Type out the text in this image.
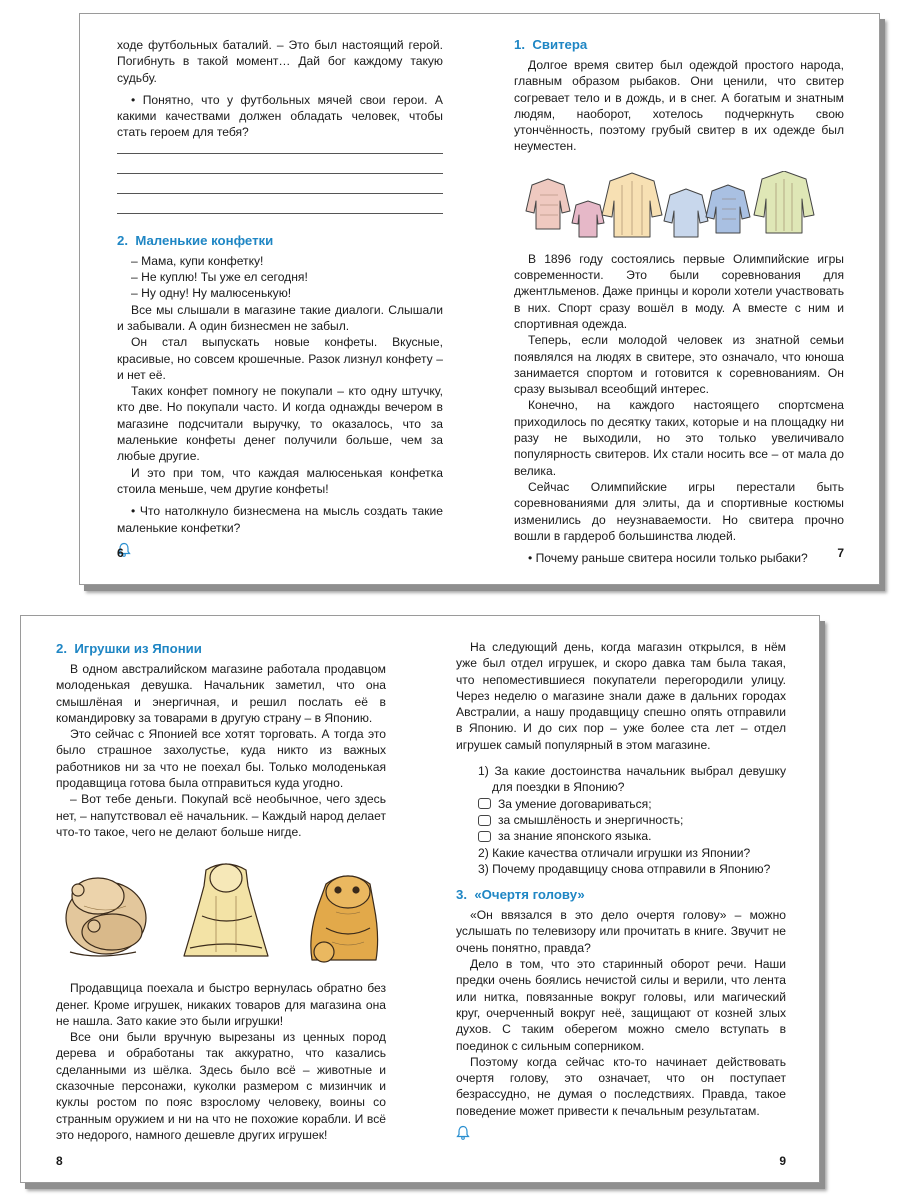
ходе футбольных баталий. – Это был настоящий герой. Погибнуть в такой момент… Дай бог каждому такую судьбу.

• Понятно, что у футбольных мячей свои герои. А какими качествами должен обладать человек, чтобы стать героем для тебя?

2. Маленькие конфетки

– Мама, купи конфетку!

– Не куплю! Ты уже ел сегодня!

– Ну одну! Ну малюсенькую!

Все мы слышали в магазине такие диалоги. Слышали и забывали. А один бизнесмен не забыл.

Он стал выпускать новые конфеты. Вкусные, красивые, но совсем крошечные. Разок лизнул конфету – и нет её.

Таких конфет помногу не покупали – кто одну штучку, кто две. Но покупали часто. И когда однажды вечером в магазине подсчитали выручку, то оказалось, что за маленькие конфеты денег получили больше, чем за любые другие.

И это при том, что каждая малюсенькая конфетка стоила меньше, чем другие конфеты!

• Что натолкнуло бизнесмена на мысль создать такие маленькие конфетки?

6
1. Свитера

Долгое время свитер был одеждой простого народа, главным образом рыбаков. Они ценили, что свитер согревает тело и в дождь, и в снег. А богатым и знатным людям, наоборот, хотелось подчеркнуть свою утончённость, поэтому грубый свитер в их одежде был неуместен.

В 1896 году состоялись первые Олимпийские игры современности. Это были соревнования для джентльменов. Даже принцы и короли хотели участвовать в них. Спорт сразу вошёл в моду. А вместе с ним и спортивная одежда.

Теперь, если молодой человек из знатной семьи появлялся на людях в свитере, это означало, что юноша занимается спортом и готовится к соревнованиям. Он сразу вызывал всеобщий интерес.

Конечно, на каждого настоящего спортсмена приходилось по десятку таких, которые и на площадку ни разу не выходили, но это только увеличивало популярность свитеров. Их стали носить все – от мала до велика.

Сейчас Олимпийские игры перестали быть соревнованиями для элиты, да и спортивные костюмы изменились до неузнаваемости. Но свитера прочно вошли в гардероб большинства людей.

• Почему раньше свитера носили только рыбаки?	7
2. Игрушки из Японии

В одном австралийском магазине работала продавцом молоденькая девушка. Начальник заметил, что она смышлёная и энергичная, и решил послать её в командировку за товарами в другую страну – в Японию.

Это сейчас с Японией все хотят торговать. А тогда это было страшное захолустье, куда никто из важных работников ни за что не поехал бы. Только молоденькая продавщица готова была отправиться куда угодно.

– Вот тебе деньги. Покупай всё необычное, чего здесь нет, – напутствовал её начальник. – Каждый народ делает что-то такое, чего не делают больше нигде.

Продавщица поехала и быстро вернулась обратно без денег. Кроме игрушек, никаких товаров для магазина она не нашла. Зато какие это были игрушки!

Все они были вручную вырезаны из ценных пород дерева и обработаны так аккуратно, что казались сделанными из шёлка. Здесь было всё – животные и сказочные персонажи, куколки размером с мизинчик и куклы ростом по пояс взрослому человеку, воины со странным оружием и ни на что не похожие корабли. И всё это недорого, намного дешевле других игрушек!

8

На следующий день, когда магазин открылся, в нём уже был отдел игрушек, и скоро давка там была такая, что непоместившиеся покупатели перегородили улицу. Через неделю о магазине знали даже в дальних городах Австралии, а нашу продавщицу спешно опять отправили в Японию. И до сих пор – уже более ста лет – отдел игрушек самый популярный в этом магазине.

1) За какие достоинства начальник выбрал девушку для поездки в Японию?

За умение договариваться;
за смышлёность и энергичность;
за знание японского языка.

2) Какие качества отличали игрушки из Японии?

3) Почему продавщицу снова отправили в Японию?

3. «Очертя голову»

«Он ввязался в это дело очертя голову» – можно услышать по телевизору или прочитать в книге. Звучит не очень понятно, правда?

Дело в том, что это старинный оборот речи. Наши предки очень боялись нечистой силы и верили, что лента или нитка, повязанные вокруг головы, или магический круг, очерченный вокруг неё, защищают от козней злых духов. С таким оберегом можно смело вступать в поединок с сильным соперником.

Поэтому когда сейчас кто-то начинает действовать очертя голову, это означает, что он поступает безрассудно, не думая о последствиях. Правда, такое поведение может привести к печальным результатам.

9
